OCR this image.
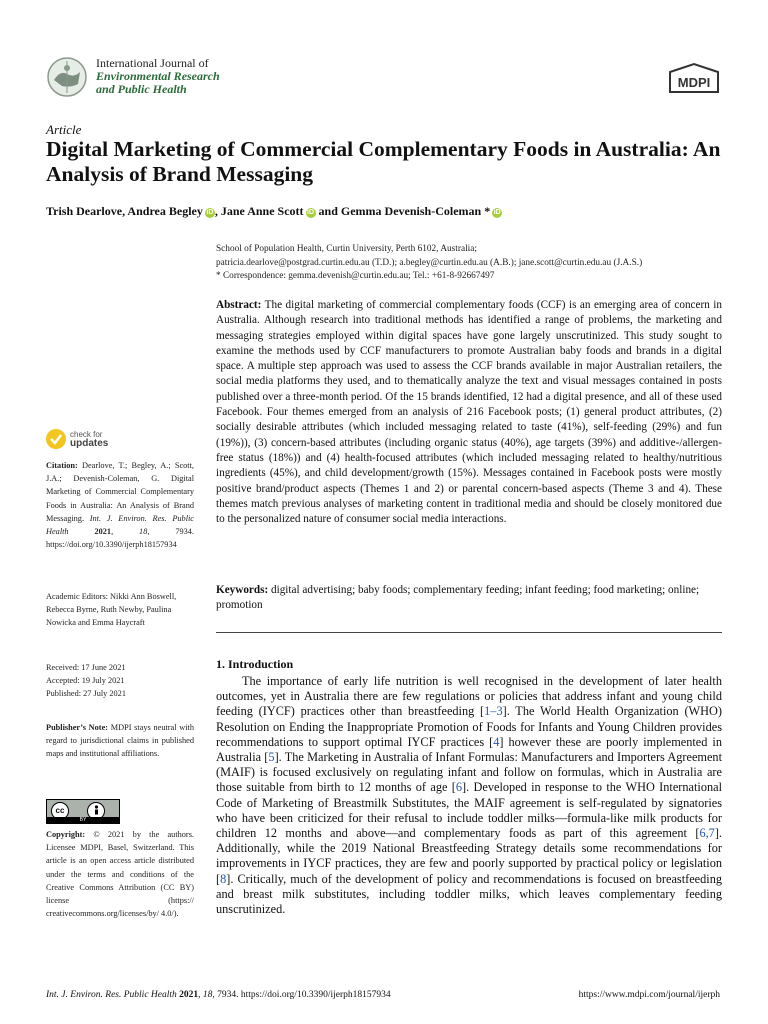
International Journal of
Environmental Research
and Public Health	MDPI
Article
Digital Marketing of Commercial Complementary Foods in Australia: An Analysis of Brand Messaging
Trish Dearlove, Andrea Begley iD , Jane Anne Scott iD and Gemma Devenish-Coleman * iD
School of Population Health, Curtin University, Perth 6102, Australia;
patricia.dearlove@postgrad.curtin.edu.au (T.D.); a.begley@curtin.edu.au (A.B.); jane.scott@curtin.edu.au (J.A.S.)
* Correspondence: gemma.devenish@curtin.edu.au; Tel.: +61-8-92667497
Abstract: The digital marketing of commercial complementary foods (CCF) is an emerging area of concern in Australia. Although research into traditional methods has identified a range of problems, the marketing and messaging strategies employed within digital spaces have gone largely unscrutinized. This study sought to examine the methods used by CCF manufacturers to promote Australian baby foods and brands in a digital space. A multiple step approach was used to assess the CCF brands available in major Australian retailers, the social media platforms they used, and to thematically analyze the text and visual messages contained in posts published over a three-month period. Of the 15 brands identified, 12 had a digital presence, and all of these used Facebook. Four themes emerged from an analysis of 216 Facebook posts; (1) general product attributes, (2) socially desirable attributes (which included messaging related to taste (41%), self-feeding (29%) and fun (19%)), (3) concern-based attributes (including organic status (40%), age targets (39%) and additive-/allergen-free status (18%)) and (4) health-focused attributes (which included messaging related to healthy/nutritious ingredients (45%), and child development/growth (15%). Messages contained in Facebook posts were mostly positive brand/product aspects (Themes 1 and 2) or parental concern-based aspects (Theme 3 and 4). These themes match previous analyses of marketing content in traditional media and should be closely monitored due to the personalized nature of consumer social media interactions.
Keywords: digital advertising; baby foods; complementary feeding; infant feeding; food marketing; online; promotion
1. Introduction
The importance of early life nutrition is well recognised in the development of later health outcomes, yet in Australia there are few regulations or policies that address infant and young child feeding (IYCF) practices other than breastfeeding [1–3]. The World Health Organization (WHO) Resolution on Ending the Inappropriate Promotion of Foods for Infants and Young Children provides recommendations to support optimal IYCF practices [4] however these are poorly implemented in Australia [5]. The Marketing in Australia of Infant Formulas: Manufacturers and Importers Agreement (MAIF) is focused exclusively on regulating infant and follow on formulas, which in Australia are those suitable from birth to 12 months of age [6]. Developed in response to the WHO International Code of Marketing of Breastmilk Substitutes, the MAIF agreement is self-regulated by signatories who have been criticized for their refusal to include toddler milks—formula-like milk products for children 12 months and above—and complementary foods as part of this agreement [6,7]. Additionally, while the 2019 National Breastfeeding Strategy details some recommendations for improvements in IYCF practices, they are few and poorly supported by practical policy or legislation [8]. Critically, much of the development of policy and recommendations is focused on breastfeeding and breast milk substitutes, including toddler milks, which leaves complementary feeding unscrutinized.
check for
updates
Citation: Dearlove, T.; Begley, A.; Scott, J.A.; Devenish-Coleman, G. Digital Marketing of Commercial Complementary Foods in Australia: An Analysis of Brand Messaging. Int. J. Environ. Res. Public Health 2021, 18, 7934. https://doi.org/10.3390/ijerph18157934
Academic Editors: Nikki Ann Boswell, Rebecca Byrne, Ruth Newby, Paulina Nowicka and Emma Haycraft
Received: 17 June 2021
Accepted: 19 July 2021
Published: 27 July 2021
Publisher’s Note: MDPI stays neutral with regard to jurisdictional claims in published maps and institutional affiliations.
cc
BY
Copyright: © 2021 by the authors. Licensee MDPI, Basel, Switzerland. This article is an open access article distributed under the terms and conditions of the Creative Commons Attribution (CC BY) license (https:// creativecommons.org/licenses/by/ 4.0/).
Int. J. Environ. Res. Public Health 2021, 18, 7934. https://doi.org/10.3390/ijerph18157934	https://www.mdpi.com/journal/ijerph
